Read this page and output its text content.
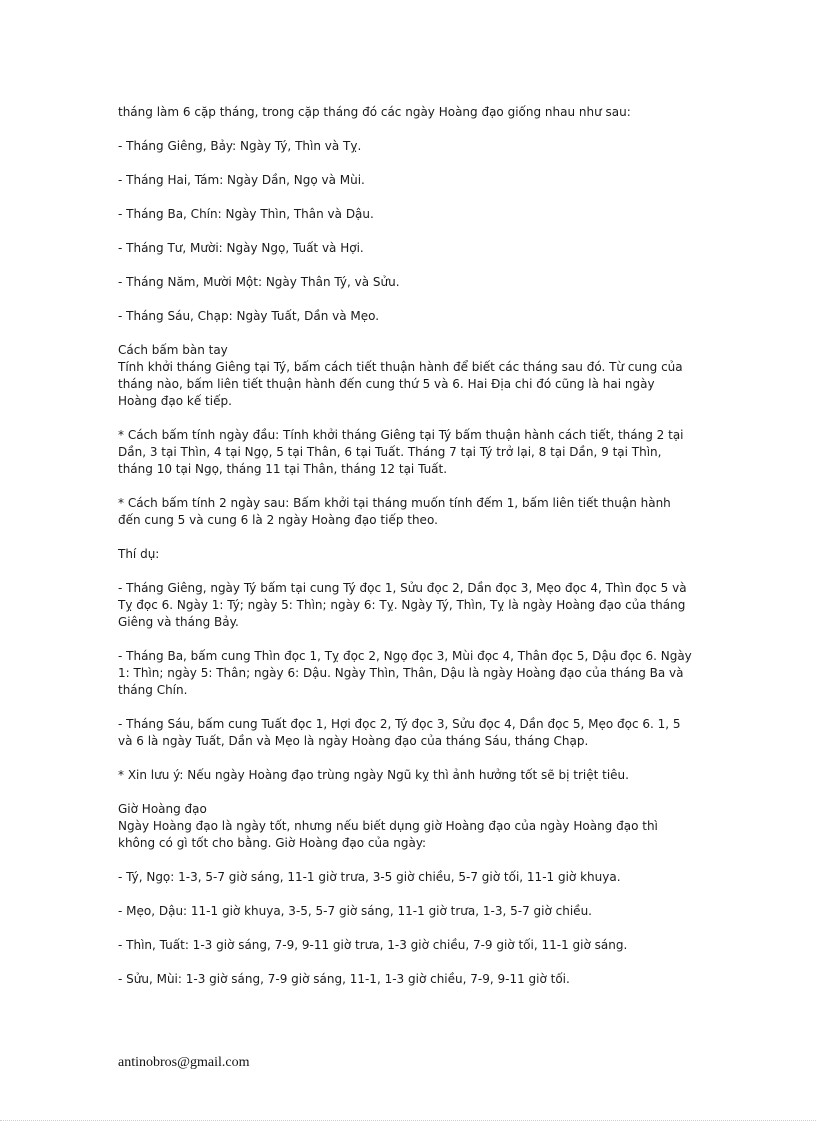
tháng làm 6 cặp tháng, trong cặp tháng đó các ngày Hoàng đạo giống nhau như sau:

- Tháng Giêng, Bảy: Ngày Tý, Thìn và Tỵ.

- Tháng Hai, Tám: Ngày Dần, Ngọ và Mùi.

- Tháng Ba, Chín: Ngày Thìn, Thân và Dậu.

- Tháng Tư, Mười: Ngày Ngọ, Tuất và Hợi.

- Tháng Năm, Mười Một: Ngày Thân Tý, và Sửu.

- Tháng Sáu, Chạp: Ngày Tuất, Dần và Mẹo.

Cách bấm bàn tay

Tính khởi tháng Giêng tại Tý, bấm cách tiết thuận hành để biết các tháng sau đó. Từ cung của tháng nào, bấm liên tiết thuận hành đến cung thứ 5 và 6. Hai Địa chi đó cũng là hai ngày Hoàng đạo kế tiếp.

* Cách bấm tính ngày đầu: Tính khởi tháng Giêng tại Tý bấm thuận hành cách tiết, tháng 2 tại Dần, 3 tại Thìn, 4 tại Ngọ, 5 tại Thân, 6 tại Tuất. Tháng 7 tại Tý trở lại, 8 tại Dần, 9 tại Thìn, tháng 10 tại Ngọ, tháng 11 tại Thân, tháng 12 tại Tuất.

* Cách bấm tính 2 ngày sau: Bấm khởi tại tháng muốn tính đếm 1, bấm liên tiết thuận hành đến cung 5 và cung 6 là 2 ngày Hoàng đạo tiếp theo.

Thí dụ:

- Tháng Giêng, ngày Tý bấm tại cung Tý đọc 1, Sửu đọc 2, Dần đọc 3, Mẹo đọc 4, Thìn đọc 5 và Tỵ đọc 6. Ngày 1: Tý; ngày 5: Thìn; ngày 6: Tỵ. Ngày Tý, Thìn, Tỵ là ngày Hoàng đạo của tháng Giêng và tháng Bảy.

- Tháng Ba, bấm cung Thìn đọc 1, Tỵ đọc 2, Ngọ đọc 3, Mùi đọc 4, Thân đọc 5, Dậu đọc 6. Ngày 1: Thìn; ngày 5: Thân; ngày 6: Dậu. Ngày Thìn, Thân, Dậu là ngày Hoàng đạo của tháng Ba và tháng Chín.

- Tháng Sáu, bấm cung Tuất đọc 1, Hợi đọc 2, Tý đọc 3, Sửu đọc 4, Dần đọc 5, Mẹo đọc 6. 1, 5 và 6 là ngày Tuất, Dần và Mẹo là ngày Hoàng đạo của tháng Sáu, tháng Chạp.

* Xin lưu ý: Nếu ngày Hoàng đạo trùng ngày Ngũ kỵ thì ảnh hưởng tốt sẽ bị triệt tiêu.

Giờ Hoàng đạo

Ngày Hoàng đạo là ngày tốt, nhưng nếu biết dụng giờ Hoàng đạo của ngày Hoàng đạo thì không có gì tốt cho bằng. Giờ Hoàng đạo của ngày:

- Tý, Ngọ: 1-3, 5-7 giờ sáng, 11-1 giờ trưa, 3-5 giờ chiều, 5-7 giờ tối, 11-1 giờ khuya.

- Mẹo, Dậu: 11-1 giờ khuya, 3-5, 5-7 giờ sáng, 11-1 giờ trưa, 1-3, 5-7 giờ chiều.

- Thìn, Tuất: 1-3 giờ sáng, 7-9, 9-11 giờ trưa, 1-3 giờ chiều, 7-9 giờ tối, 11-1 giờ sáng.

- Sửu, Mùi: 1-3 giờ sáng, 7-9 giờ sáng, 11-1, 1-3 giờ chiều, 7-9, 9-11 giờ tối.

antinobros@gmail.com
